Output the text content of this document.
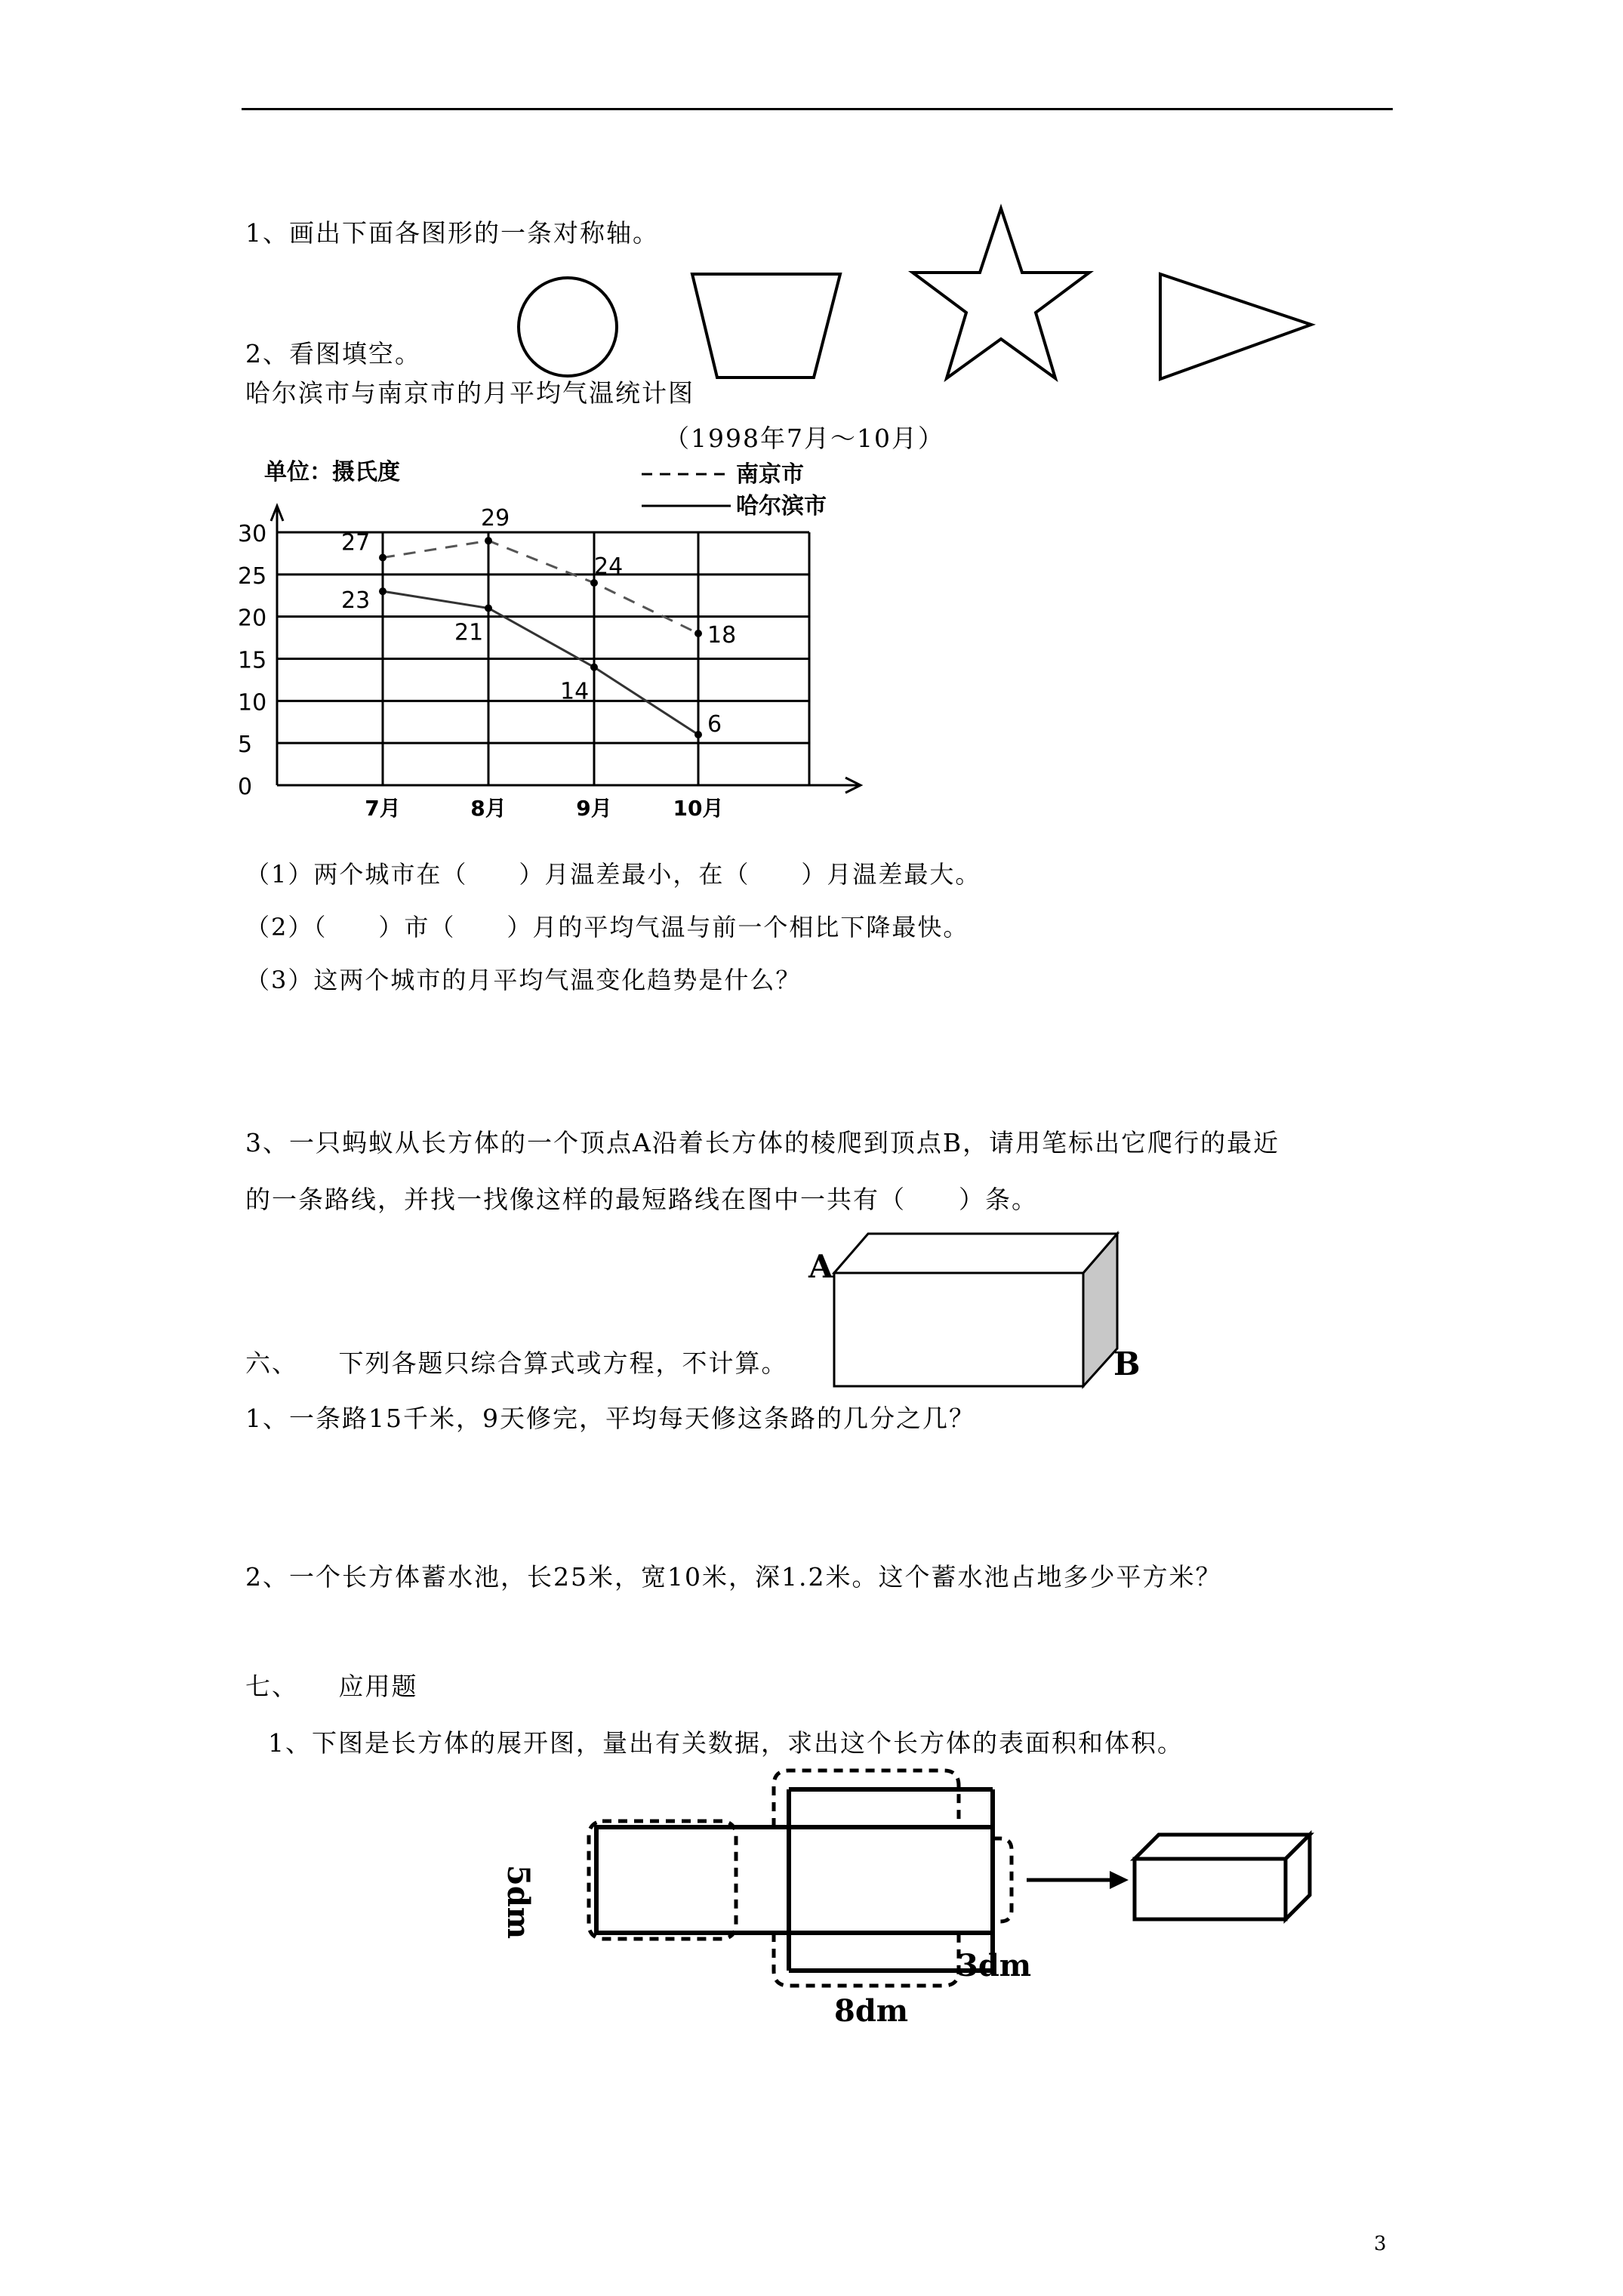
1、画出下面各图形的一条对称轴。
2、看图填空。
哈尔滨市与南京市的月平均气温统计图
（1998年7月～10月）
0
5
10
15
20
25
30
单位：摄氏度
7月	8月	9月	10月
南京市
哈尔滨市
27
29
24
18
23
21
14
6
（1）两个城市在（　　）月温差最小，在（　　）月温差最大。
（2）（　　）市（　　）月的平均气温与前一个相比下降最快。
（3）这两个城市的月平均气温变化趋势是什么？
3、一只蚂蚁从长方体的一个顶点A沿着长方体的棱爬到顶点B，请用笔标出它爬行的最近
的一条路线，并找一找像这样的最短路线在图中一共有（　　）条。
A
B
六、　　下列各题只综合算式或方程，不计算。
1、一条路15千米，9天修完，平均每天修这条路的几分之几？
2、一个长方体蓄水池，长25米，宽10米，深1.2米。这个蓄水池占地多少平方米？
七、　　应用题
1、下图是长方体的展开图，量出有关数据，求出这个长方体的表面积和体积。
5dm
3dm
8dm
3
